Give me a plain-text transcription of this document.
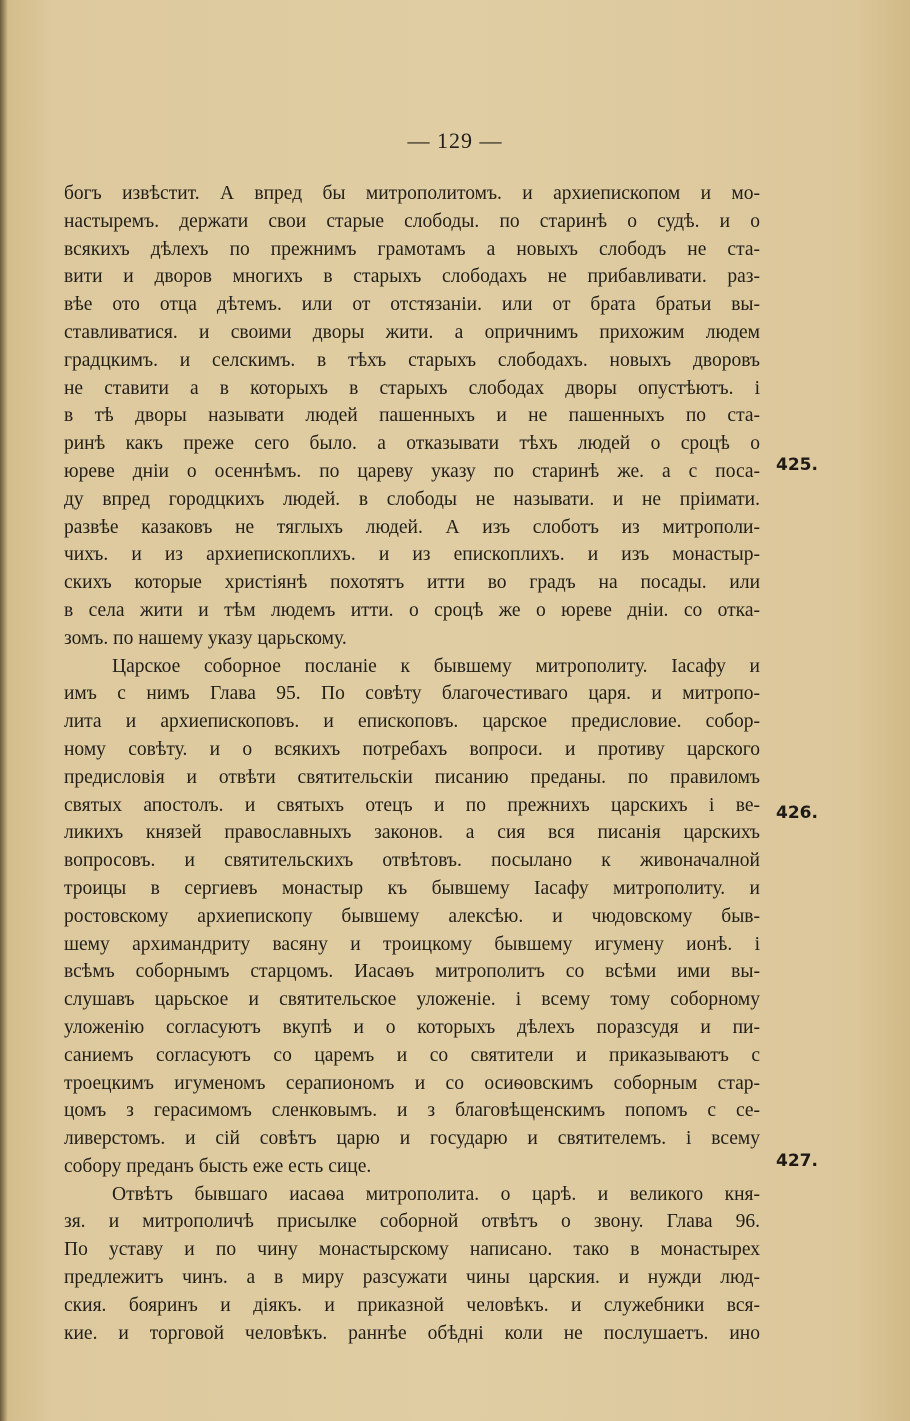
— 129 —
богъ извѣстит. А впред бы митрополитомъ. и архиепископом и мо-
настыремъ. держати свои старые слободы. по старинѣ о судѣ. и о
всякихъ дѣлехъ по прежнимъ грамотамъ а новыхъ слободъ не ста-
вити и дворов многихъ в старыхъ слободахъ не прибавливати. раз-
вѣе ото отца дѣтемъ. или от отстязаніи. или от брата братьи вы-
ставливатися. и своими дворы жити. а опричнимъ прихожим людем
градцкимъ. и селскимъ. в тѣхъ старыхъ слободахъ. новыхъ дворовъ
не ставити а в которыхъ в старыхъ слободах дворы опустѣютъ. і
в тѣ дворы называти людей пашенныхъ и не пашенныхъ по ста-
ринѣ какъ преже сего было. а отказывати тѣхъ людей о сроцѣ о
юреве дніи о осеннѣмъ. по цареву указу по старинѣ же. а с поса-
ду впред городцкихъ людей. в слободы не называти. и не пріимати.
развѣе казаковъ не тяглыхъ людей. А изъ слоботъ из митрополи-
чихъ. и из архиепископлихъ. и из епископлихъ. и изъ монастыр-
скихъ которые христіянѣ похотятъ итти во градъ на посады. или
в села жити и тѣм людемъ итти. о сроцѣ же о юреве дніи. со отка-
зомъ. по нашему указу царьскому.
Царское соборное посланіе к бывшему митрополиту. Іасафу и
имъ с нимъ Глава 95. По совѣту благочестиваго царя. и митропо-
лита и архиепископовъ. и епископовъ. царское предисловие. собор-
ному совѣту. и о всякихъ потребахъ вопроси. и противу царского
предисловія и отвѣти святительскіи писанию преданы. по правиломъ
святых апостолъ. и святыхъ отецъ и по прежнихъ царскихъ і ве-
ликихъ князей православныхъ законов. а сия вся писанія царскихъ
вопросовъ. и святительскихъ отвѣтовъ. посылано к живоначалной
троицы в сергиевъ монастыр къ бывшему Іасафу митрополиту. и
ростовскому архиепископу бывшему алексѣю. и чюдовскому быв-
шему архимандриту васяну и троицкому бывшему игумену ионѣ. і
всѣмъ соборнымъ старцомъ. Иасаѳъ митрополитъ со всѣми ими вы-
слушавъ царьское и святительское уложеніе. і всему тому соборному
уложенію согласуютъ вкупѣ и о которыхъ дѣлехъ поразсудя и пи-
саниемъ согласуютъ со царемъ и со святители и приказываютъ с
троецкимъ игуменомъ серапиономъ и со осиѳовскимъ соборным стар-
цомъ з герасимомъ сленковымъ. и з благовѣщенскимъ попомъ с се-
ливерстомъ. и сій совѣтъ царю и государю и святителемъ. і всему
собору преданъ бысть еже есть сице.
Отвѣтъ бывшаго иасаѳа митрополита. о царѣ. и великого кня-
зя. и митрополичѣ присылке соборной отвѣтъ о звону. Глава 96.
По уставу и по чину монастырскому написано. тако в монастырех
предлежитъ чинъ. а в миру разсужати чины царския. и нужди люд-
ския. бояринъ и діякъ. и приказной человѣкъ. и служебники вся-
кие. и торговой человѣкъ. раннѣе обѣдні коли не послушаетъ. ино
425.
426.
427.
